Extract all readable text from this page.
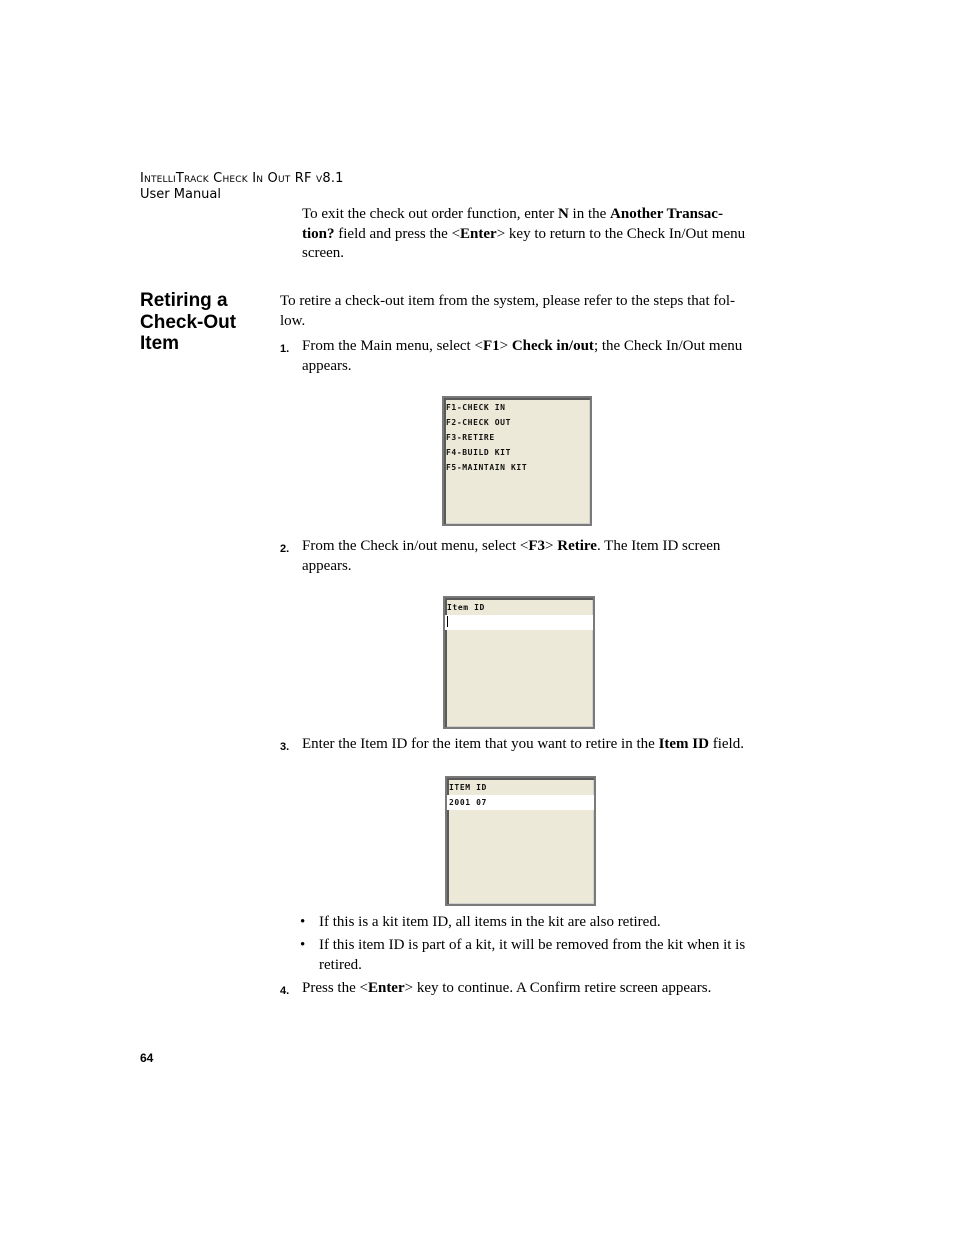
IntelliTrack Check In Out RF v8.1
User Manual
To exit the check out order function, enter N in the Another Transac-
tion? field and press the <Enter> key to return to the Check In/Out menu
screen.
Retiring a
Check-Out
Item
To retire a check-out item from the system, please refer to the steps that fol-
low.
1. From the Main menu, select <F1> Check in/out; the Check In/Out menu
appears.
F1-CHECK IN
F2-CHECK OUT
F3-RETIRE
F4-BUILD KIT
F5-MAINTAIN KIT
2. From the Check in/out menu, select <F3> Retire. The Item ID screen
appears.
Item ID
3. Enter the Item ID for the item that you want to retire in the Item ID field.
ITEM ID
2001 07
• If this is a kit item ID, all items in the kit are also retired.
• If this item ID is part of a kit, it will be removed from the kit when it is
retired.
4. Press the <Enter> key to continue. A Confirm retire screen appears.
64
